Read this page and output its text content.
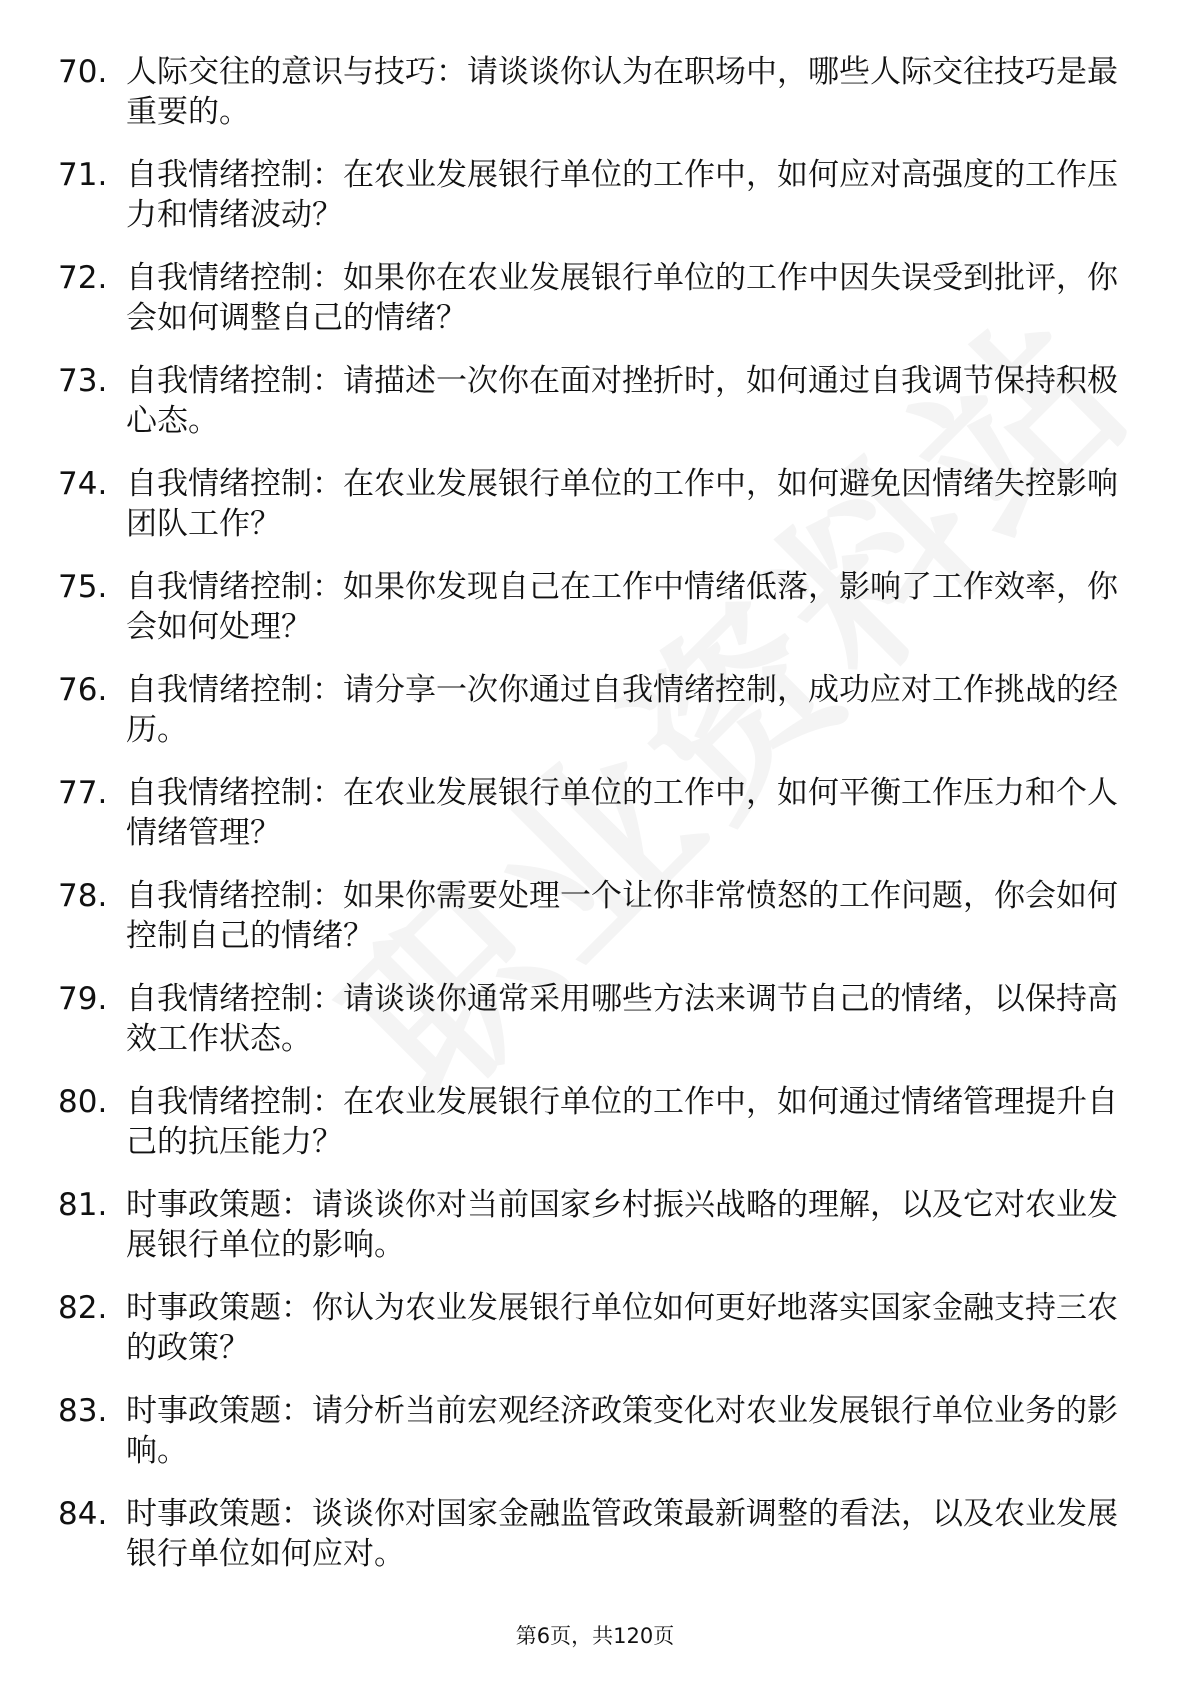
70. 人际交往的意识与技巧：请谈谈你认为在职场中，哪些人际交往技巧是最重要的。
71. 自我情绪控制：在农业发展银行单位的工作中，如何应对高强度的工作压力和情绪波动？
72. 自我情绪控制：如果你在农业发展银行单位的工作中因失误受到批评，你会如何调整自己的情绪？
73. 自我情绪控制：请描述一次你在面对挫折时，如何通过自我调节保持积极心态。
74. 自我情绪控制：在农业发展银行单位的工作中，如何避免因情绪失控影响团队工作？
75. 自我情绪控制：如果你发现自己在工作中情绪低落，影响了工作效率，你会如何处理？
76. 自我情绪控制：请分享一次你通过自我情绪控制，成功应对工作挑战的经历。
77. 自我情绪控制：在农业发展银行单位的工作中，如何平衡工作压力和个人情绪管理？
78. 自我情绪控制：如果你需要处理一个让你非常愤怒的工作问题，你会如何控制自己的情绪？
79. 自我情绪控制：请谈谈你通常采用哪些方法来调节自己的情绪，以保持高效工作状态。
80. 自我情绪控制：在农业发展银行单位的工作中，如何通过情绪管理提升自己的抗压能力？
81. 时事政策题：请谈谈你对当前国家乡村振兴战略的理解，以及它对农业发展银行单位的影响。
82. 时事政策题：你认为农业发展银行单位如何更好地落实国家金融支持三农的政策？
83. 时事政策题：请分析当前宏观经济政策变化对农业发展银行单位业务的影响。
84. 时事政策题：谈谈你对国家金融监管政策最新调整的看法，以及农业发展银行单位如何应对。
第6页，共120页
